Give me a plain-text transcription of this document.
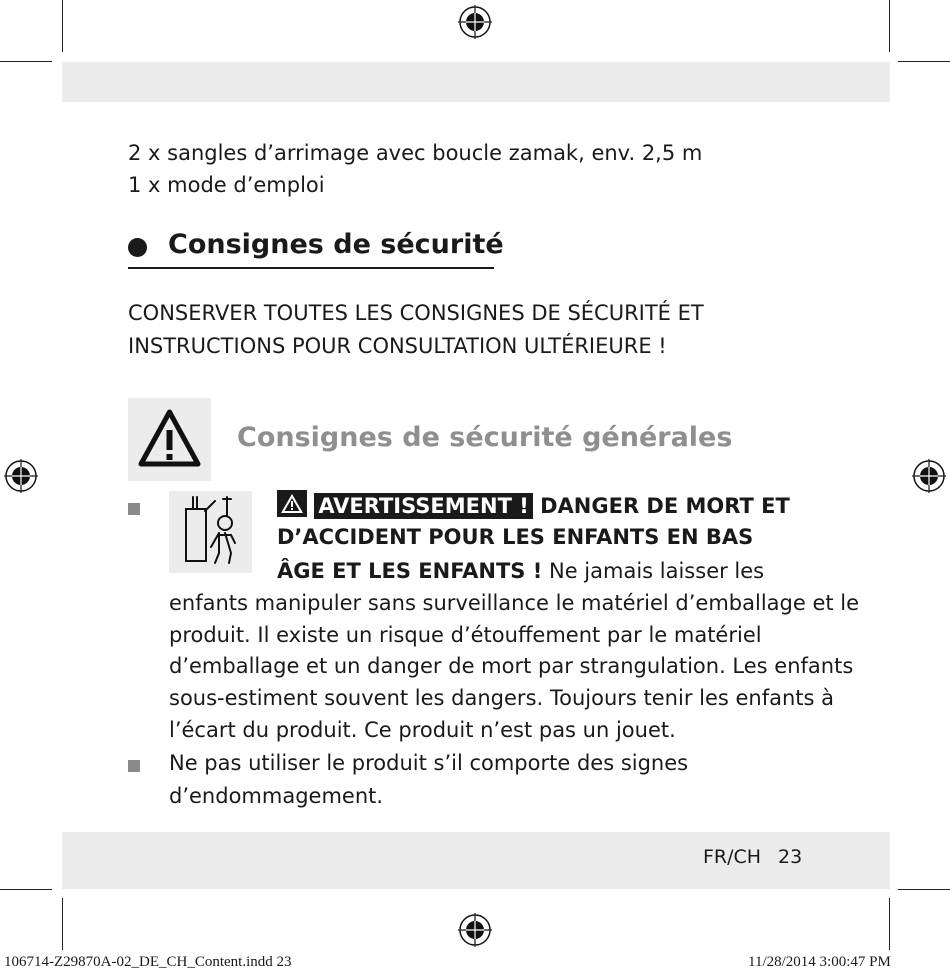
2 x sangles d’arrimage avec boucle zamak, env. 2,5 m
1 x mode d’emploi
Consignes de sécurité
CONSERVER TOUTES LES CONSIGNES DE SÉCURITÉ ET
INSTRUCTIONS POUR CONSULTATION ULTÉRIEURE !
Consignes de sécurité générales
AVERTISSEMENT ! DANGER DE MORT ET
D’ACCIDENT POUR LES ENFANTS EN BAS
ÂGE ET LES ENFANTS ! Ne jamais laisser les
enfants manipuler sans surveillance le matériel d’emballage et le
produit. Il existe un risque d’étouffement par le matériel
d’emballage et un danger de mort par strangulation. Les enfants
sous-estiment souvent les dangers. Toujours tenir les enfants à
l’écart du produit. Ce produit n’est pas un jouet.
Ne pas utiliser le produit s’il comporte des signes
d’endommagement.
FR/CH 23
106714-Z29870A-02_DE_CH_Content.indd 23	11/28/2014 3:00:47 PM
